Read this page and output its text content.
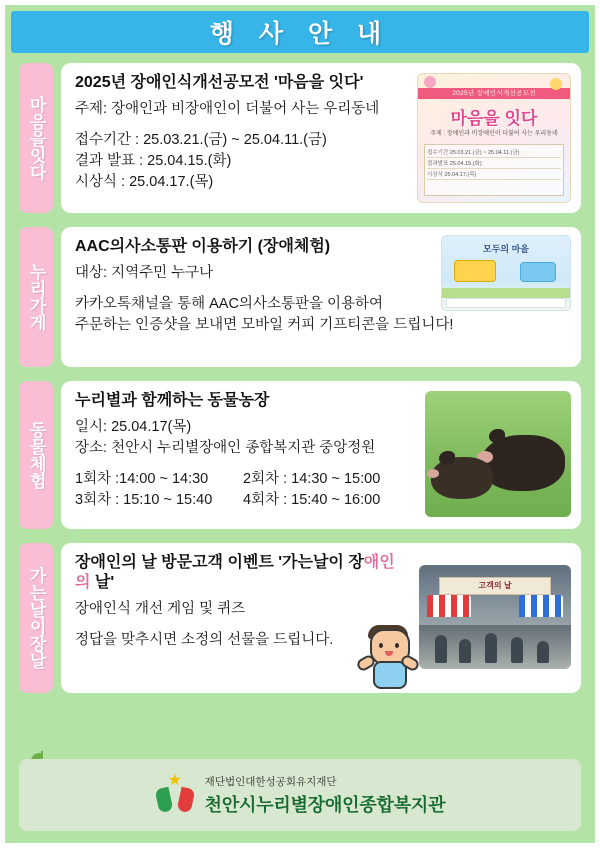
행 사 안 내
마음을잇다
2025년 장애인식개선공모전 '마음을 잇다'

주제: 장애인과 비장애인이 더불어 사는 우리동네

접수기간 : 25.03.21.(금) ~ 25.04.11.(금)

결과 발표 : 25.04.15.(화)

시상식 : 25.04.17.(목)

2025년 장애인식개선공모전
마음을 잇다
주제 : 장애인과 비장애인이 더불어 사는 우리동네
접수기간 25.03.21.(금) ~ 25.04.11.(금)
결과발표 25.04.15.(화)
시상식 25.04.17.(목)
누리가게
AAC의사소통판 이용하기 (장애체험)

대상: 지역주민 누구나

카카오톡채널을 통해 AAC의사소통판을 이용하여

주문하는 인증샷을 보내면 모바일 커피 기프티콘을 드립니다!

모두의 마을
동물체험
누리별과 함께하는 동물농장

일시: 25.04.17(목)

장소: 천안시 누리별장애인 종합복지관 중앙정원

1회차 :14:00 ~ 14:30	2회차 : 14:30 ~ 15:00
3회차 : 15:10 ~ 15:40	4회차 : 15:40 ~ 16:00
가는날이장날
장애인의 날 방문고객 이벤트 '가는날이 장애인의 날'

장애인식 개선 게임 및 퀴즈

정답을 맞추시면 소정의 선물을 드립니다.

고객의 날
★ 재단법인대한성공회유지재단
천안시누리별장애인종합복지관
